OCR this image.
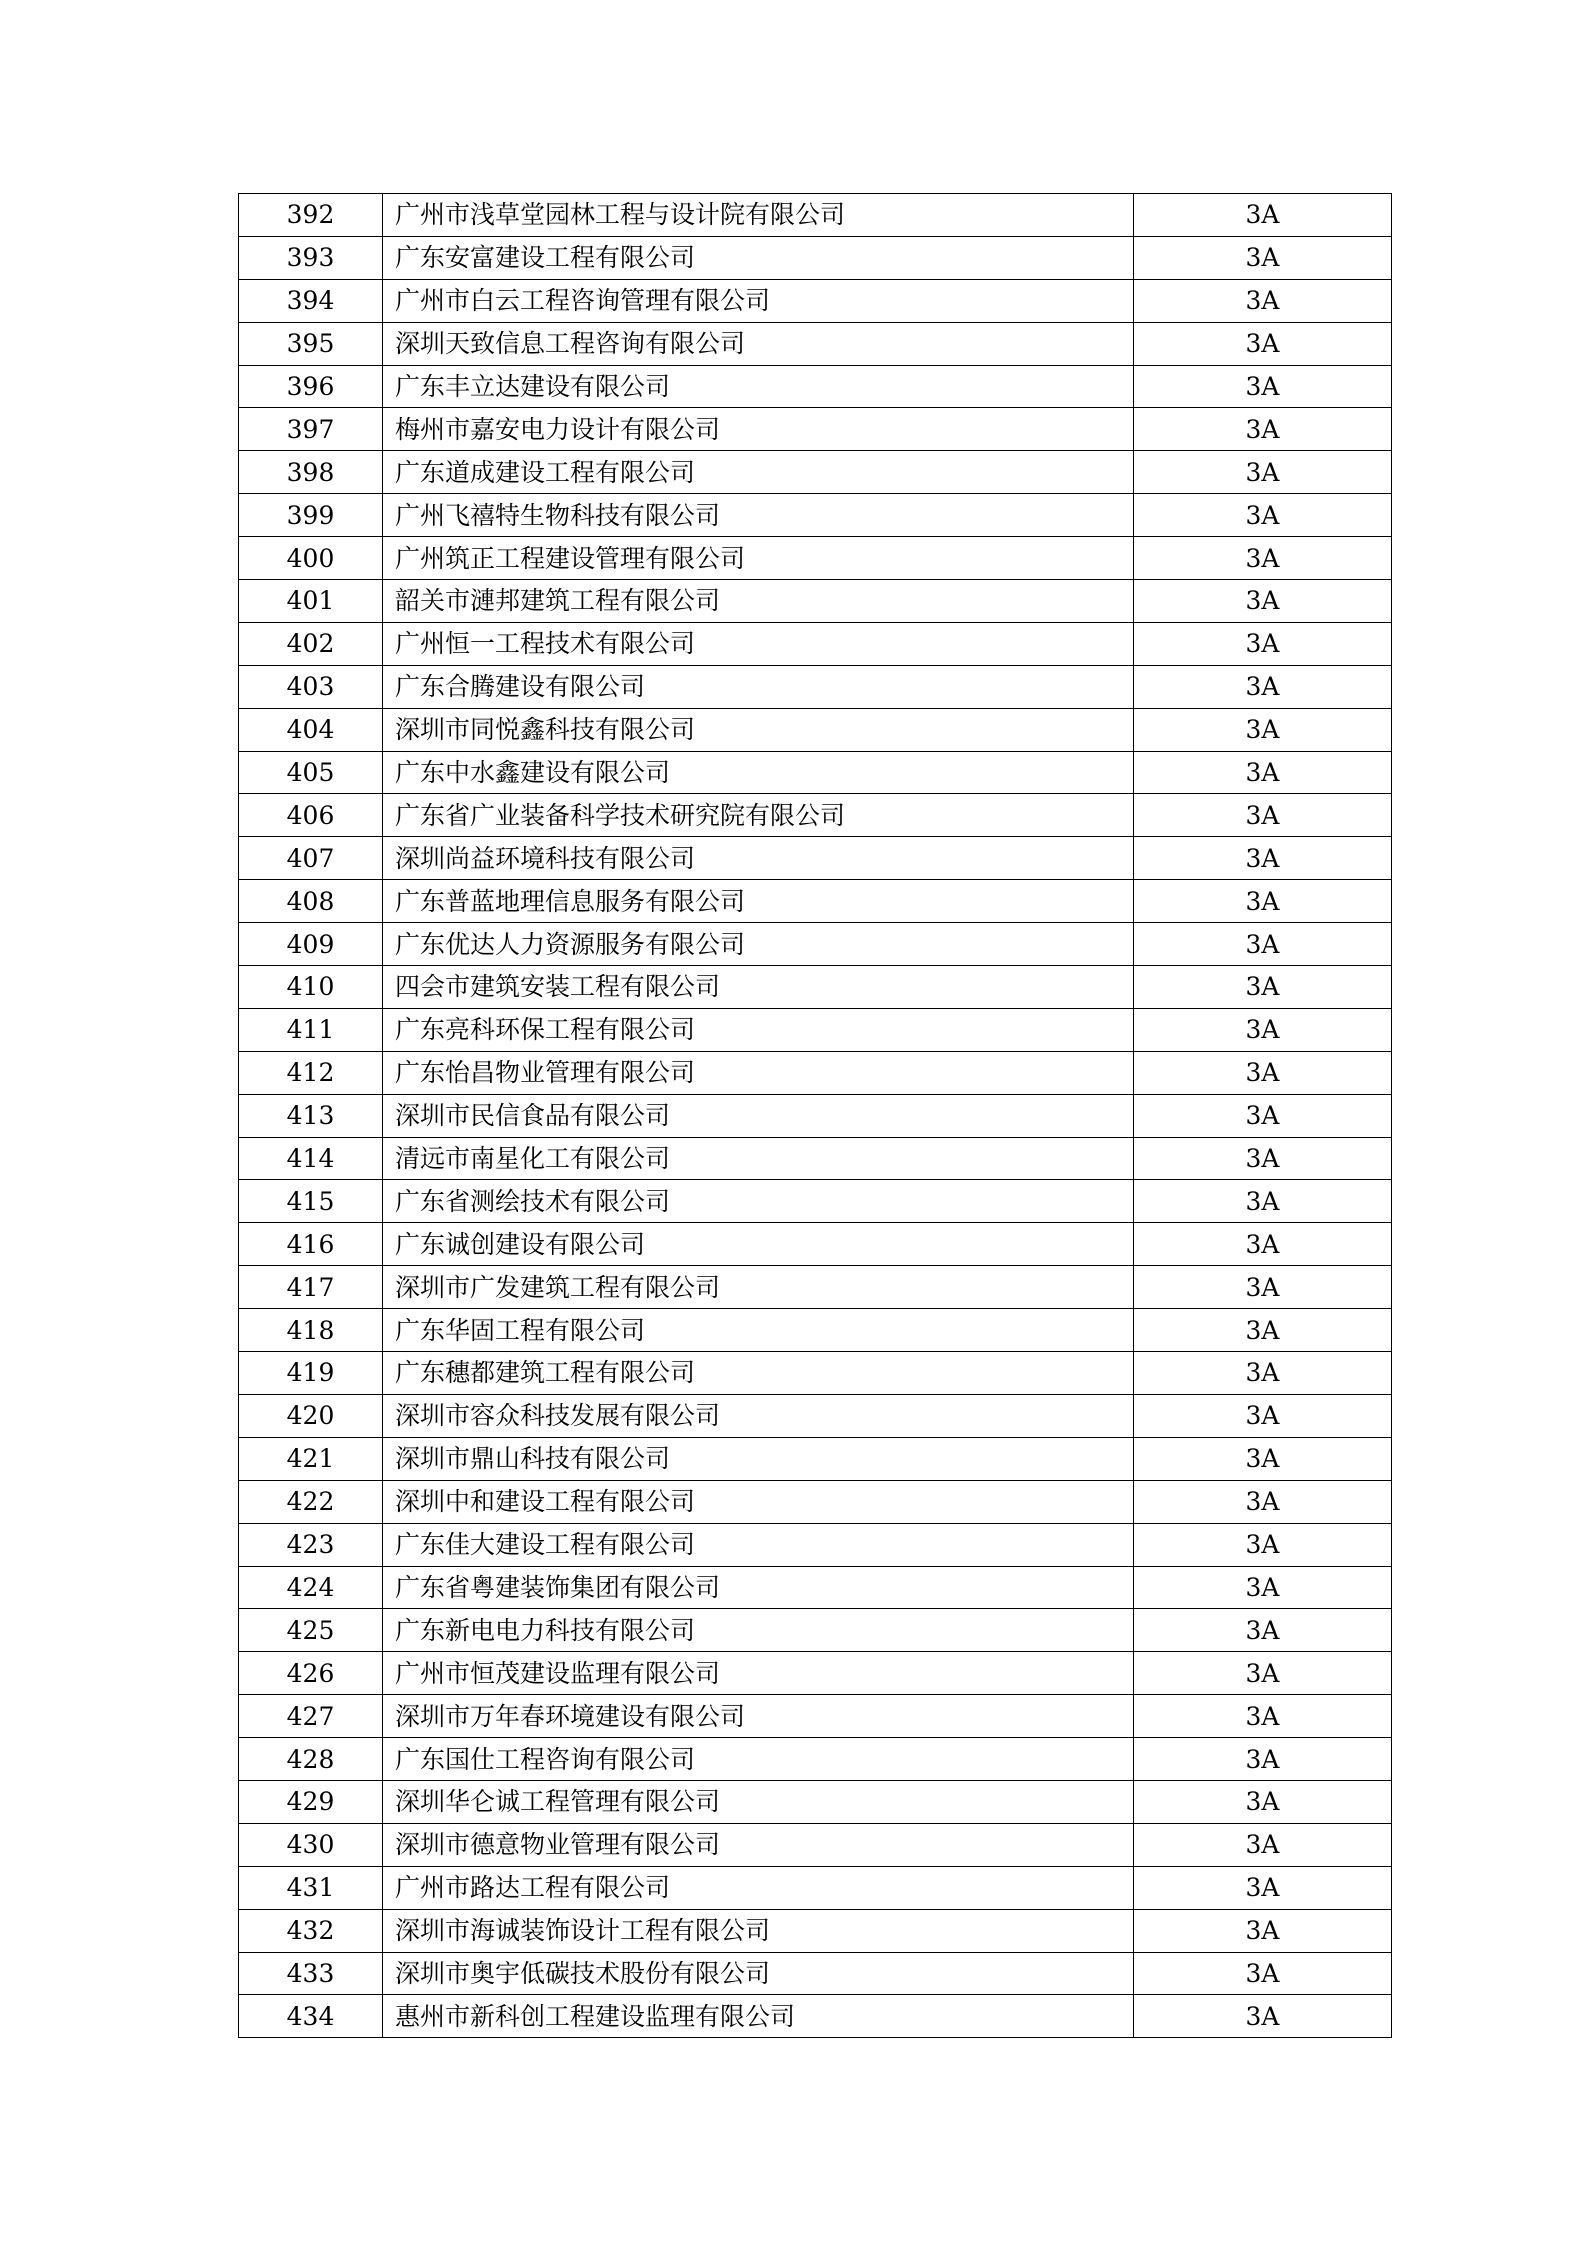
392	广州市浅草堂园林工程与设计院有限公司	3A
393	广东安富建设工程有限公司	3A
394	广州市白云工程咨询管理有限公司	3A
395	深圳天致信息工程咨询有限公司	3A
396	广东丰立达建设有限公司	3A
397	梅州市嘉安电力设计有限公司	3A
398	广东道成建设工程有限公司	3A
399	广州飞禧特生物科技有限公司	3A
400	广州筑正工程建设管理有限公司	3A
401	韶关市漣邦建筑工程有限公司	3A
402	广州恒一工程技术有限公司	3A
403	广东合腾建设有限公司	3A
404	深圳市同悦鑫科技有限公司	3A
405	广东中水鑫建设有限公司	3A
406	广东省广业装备科学技术研究院有限公司	3A
407	深圳尚益环境科技有限公司	3A
408	广东普蓝地理信息服务有限公司	3A
409	广东优达人力资源服务有限公司	3A
410	四会市建筑安装工程有限公司	3A
411	广东亮科环保工程有限公司	3A
412	广东怡昌物业管理有限公司	3A
413	深圳市民信食品有限公司	3A
414	清远市南星化工有限公司	3A
415	广东省测绘技术有限公司	3A
416	广东诚创建设有限公司	3A
417	深圳市广发建筑工程有限公司	3A
418	广东华固工程有限公司	3A
419	广东穗都建筑工程有限公司	3A
420	深圳市容众科技发展有限公司	3A
421	深圳市鼎山科技有限公司	3A
422	深圳中和建设工程有限公司	3A
423	广东佳大建设工程有限公司	3A
424	广东省粤建装饰集团有限公司	3A
425	广东新电电力科技有限公司	3A
426	广州市恒茂建设监理有限公司	3A
427	深圳市万年春环境建设有限公司	3A
428	广东国仕工程咨询有限公司	3A
429	深圳华仑诚工程管理有限公司	3A
430	深圳市德意物业管理有限公司	3A
431	广州市路达工程有限公司	3A
432	深圳市海诚装饰设计工程有限公司	3A
433	深圳市奥宇低碳技术股份有限公司	3A
434	惠州市新科创工程建设监理有限公司	3A
